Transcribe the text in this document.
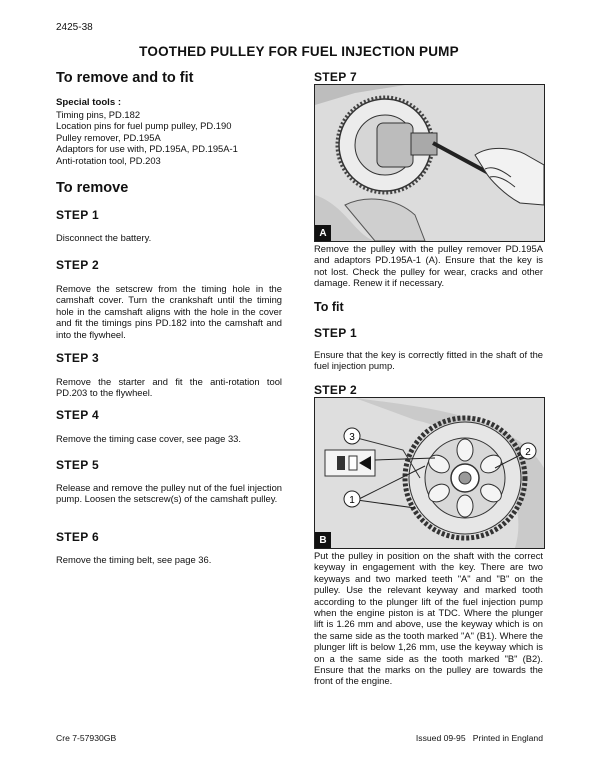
2425-38
TOOTHED PULLEY FOR FUEL INJECTION PUMP
To remove and to fit
Special tools :

Timing pins, PD.182

Location pins for fuel pump pulley, PD.190

Pulley remover, PD.195A

Adaptors for use with, PD.195A, PD.195A-1

Anti-rotation tool, PD.203

To remove
STEP 1
Disconnect the battery.
STEP 2
Remove the setscrew from the timing hole in the camshaft cover. Turn the crankshaft until the timing hole in the camshaft aligns with the hole in the cover and fit the timings pins PD.182 into the camshaft and into the flywheel.
STEP 3
Remove the starter and fit the anti-rotation tool PD.203 to the flywheel.
STEP 4
Remove the timing case cover, see page 33.
STEP 5
Release and remove the pulley nut of the fuel injection pump. Loosen the setscrew(s) of the camshaft pulley.
STEP 6
Remove the timing belt, see page 36.
STEP 7
A
Remove the pulley with the pulley remover PD.195A and adaptors PD.195A-1 (A). Ensure that the key is not lost. Check the pulley for wear, cracks and other damage. Renew it if necessary.
To fit
STEP 1
Ensure that the key is correctly fitted in the shaft of the fuel injection pump.
STEP 2
3
2
1
B
Put the pulley in position on the shaft with the correct keyway in engagement with the key. There are two keyways and two marked teeth "A" and "B" on the pulley. Use the relevant keyway and marked tooth according to the plunger lift of the fuel injection pump when the engine piston is at TDC. Where the plunger lift is 1.26 mm and above, use the keyway which is on the same side as the tooth marked "A" (B1). Where the plunger lift is below 1,26 mm, use the keyway which is on a the same side as the tooth marked "B" (B2). Ensure that the marks on the pulley are towards the front of the engine.
Cre 7-57930GB	Issued 09-95   Printed in England
